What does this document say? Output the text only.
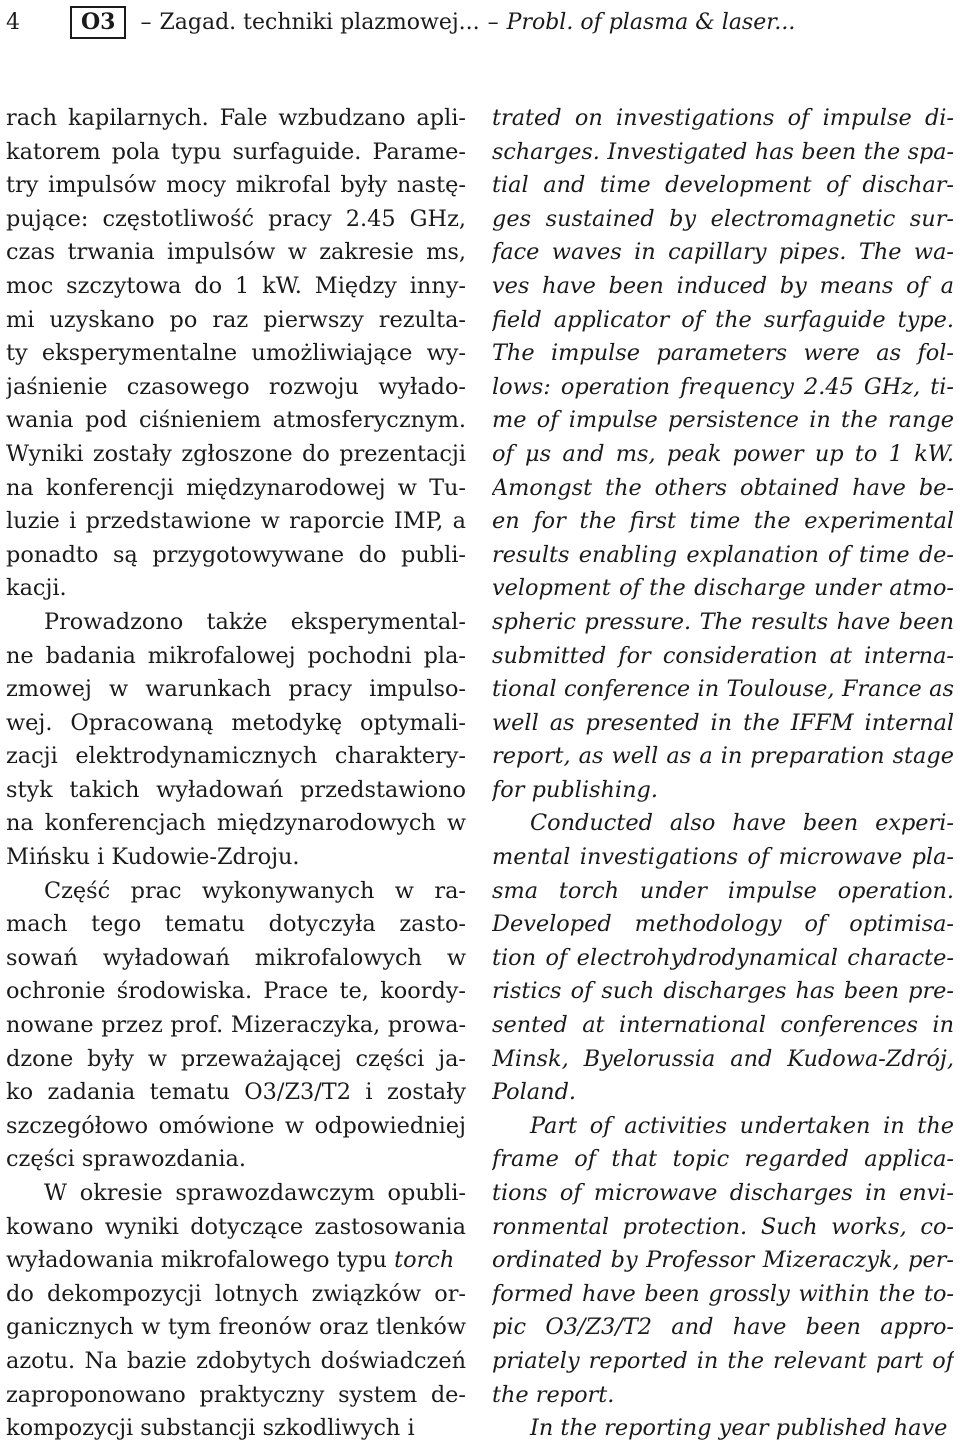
4	O3	– Zagad. techniki plazmowej... – Probl. of plasma & laser...
rach kapilarnych. Fale wzbudzano apli-
katorem pola typu surfaguide. Parame-
try impulsów mocy mikrofal były nastę-
pujące: częstotliwość pracy 2.45 GHz,
czas trwania impulsów w zakresie ms,
moc szczytowa do 1 kW. Między inny-
mi uzyskano po raz pierwszy rezulta-
ty eksperymentalne umożliwiające wy-
jaśnienie czasowego rozwoju wyłado-
wania pod ciśnieniem atmosferycznym.
Wyniki zostały zgłoszone do prezentacji
na konferencji międzynarodowej w Tu-
luzie i przedstawione w raporcie IMP, a
ponadto są przygotowywane do publi-
kacji.
Prowadzono także eksperymental-
ne badania mikrofalowej pochodni pla-
zmowej w warunkach pracy impulso-
wej. Opracowaną metodykę optymali-
zacji elektrodynamicznych charaktery-
styk takich wyładowań przedstawiono
na konferencjach międzynarodowych w
Mińsku i Kudowie-Zdroju.
Część prac wykonywanych w ra-
mach tego tematu dotyczyła zasto-
sowań wyładowań mikrofalowych w
ochronie środowiska. Prace te, koordy-
nowane przez prof. Mizeraczyka, prowa-
dzone były w przeważającej części ja-
ko zadania tematu O3/Z3/T2 i zostały
szczegółowo omówione w odpowiedniej
części sprawozdania.
W okresie sprawozdawczym opubli-
kowano wyniki dotyczące zastosowania
wyładowania mikrofalowego typu torch
do dekompozycji lotnych związków or-
ganicznych w tym freonów oraz tlenków
azotu. Na bazie zdobytych doświadczeń
zaproponowano praktyczny system de-
kompozycji substancji szkodliwych i
trated on investigations of impulse di-
scharges. Investigated has been the spa-
tial and time development of dischar-
ges sustained by electromagnetic sur-
face waves in capillary pipes. The wa-
ves have been induced by means of a
field applicator of the surfaguide type.
The impulse parameters were as fol-
lows: operation frequency 2.45 GHz, ti-
me of impulse persistence in the range
of μs and ms, peak power up to 1 kW.
Amongst the others obtained have be-
en for the first time the experimental
results enabling explanation of time de-
velopment of the discharge under atmo-
spheric pressure. The results have been
submitted for consideration at interna-
tional conference in Toulouse, France as
well as presented in the IFFM internal
report, as well as a in preparation stage
for publishing.
Conducted also have been experi-
mental investigations of microwave pla-
sma torch under impulse operation.
Developed methodology of optimisa-
tion of electrohydrodynamical characte-
ristics of such discharges has been pre-
sented at international conferences in
Minsk, Byelorussia and Kudowa-Zdrój,
Poland.
Part of activities undertaken in the
frame of that topic regarded applica-
tions of microwave discharges in envi-
ronmental protection. Such works, co-
ordinated by Professor Mizeraczyk, per-
formed have been grossly within the to-
pic O3/Z3/T2 and have been appro-
priately reported in the relevant part of
the report.
In the reporting year published have
